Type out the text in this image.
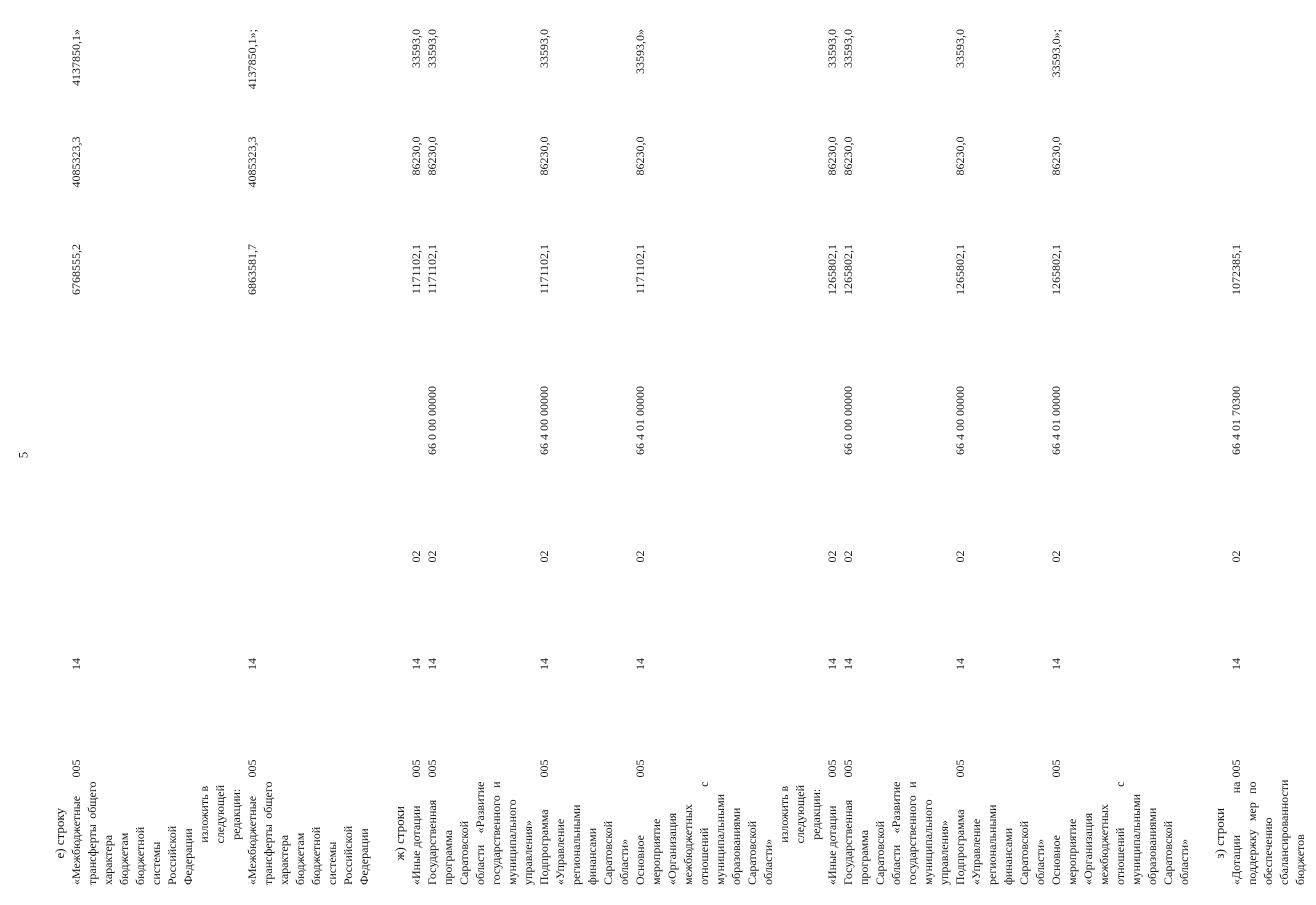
5
е) строку							
«Межбюджетные трансферты общего характера бюджетам бюджетной системы Российской Федерации	005	14			6768555,2	4085323,3	4137850,1»
изложить в следующей редакции:							
«Межбюджетные трансферты общего характера бюджетам бюджетной системы Российской Федерации	005	14			6863581,7	4085323,3	4137850,1»;

ж) строки							
«Иные дотации	005	14	02		1171102,1	86230,0	33593,0
Государственная программа Саратовской области «Развитие государственного и муниципального управления»	005	14	02	66 0 00 00000	1171102,1	86230,0	33593,0
Подпрограмма «Управление региональными финансами Саратовской области»	005	14	02	66 4 00 00000	1171102,1	86230,0	33593,0
Основное мероприятие «Организация межбюджетных отношений с муниципальными образованиями Саратовской области»	005	14	02	66 4 01 00000	1171102,1	86230,0	33593,0»
изложить в следующей редакции:							
«Иные дотации	005	14	02		1265802,1	86230,0	33593,0
Государственная программа Саратовской области «Развитие государственного и муниципального управления»	005	14	02	66 0 00 00000	1265802,1	86230,0	33593,0
Подпрограмма «Управление региональными финансами Саратовской области»	005	14	02	66 4 00 00000	1265802,1	86230,0	33593,0
Основное мероприятие «Организация межбюджетных отношений с муниципальными образованиями Саратовской области»	005	14	02	66 4 01 00000	1265802,1	86230,0	33593,0»;

з) строки							
«Дотации на поддержку мер по обеспечению сбалансированности бюджетов	005	14	02	66 4 01 70300	1072385,1		
